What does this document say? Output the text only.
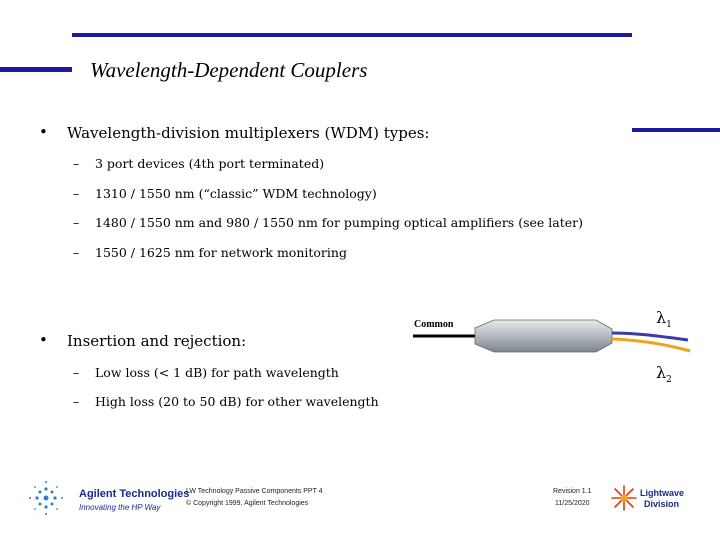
Wavelength-Dependent Couplers
• Wavelength-division multiplexers (WDM) types:
– 3 port devices (4th port terminated)
– 1310 / 1550 nm (“classic” WDM technology)
– 1480 / 1550 nm and 980 / 1550 nm for pumping optical amplifiers (see later)
– 1550 / 1625 nm for network monitoring
• Insertion and rejection:
– Low loss (< 1 dB) for path wavelength
– High loss (20 to 50 dB) for other wavelength
Common	$\lambda_1$
$\lambda_2$
Agilent Technologies
Innovating the HP Way
LW Technology Passive Components PPT 4
© Copyright 1999, Agilent Technologies
Revision 1.1
11/25/2020
Lightwave
Division
